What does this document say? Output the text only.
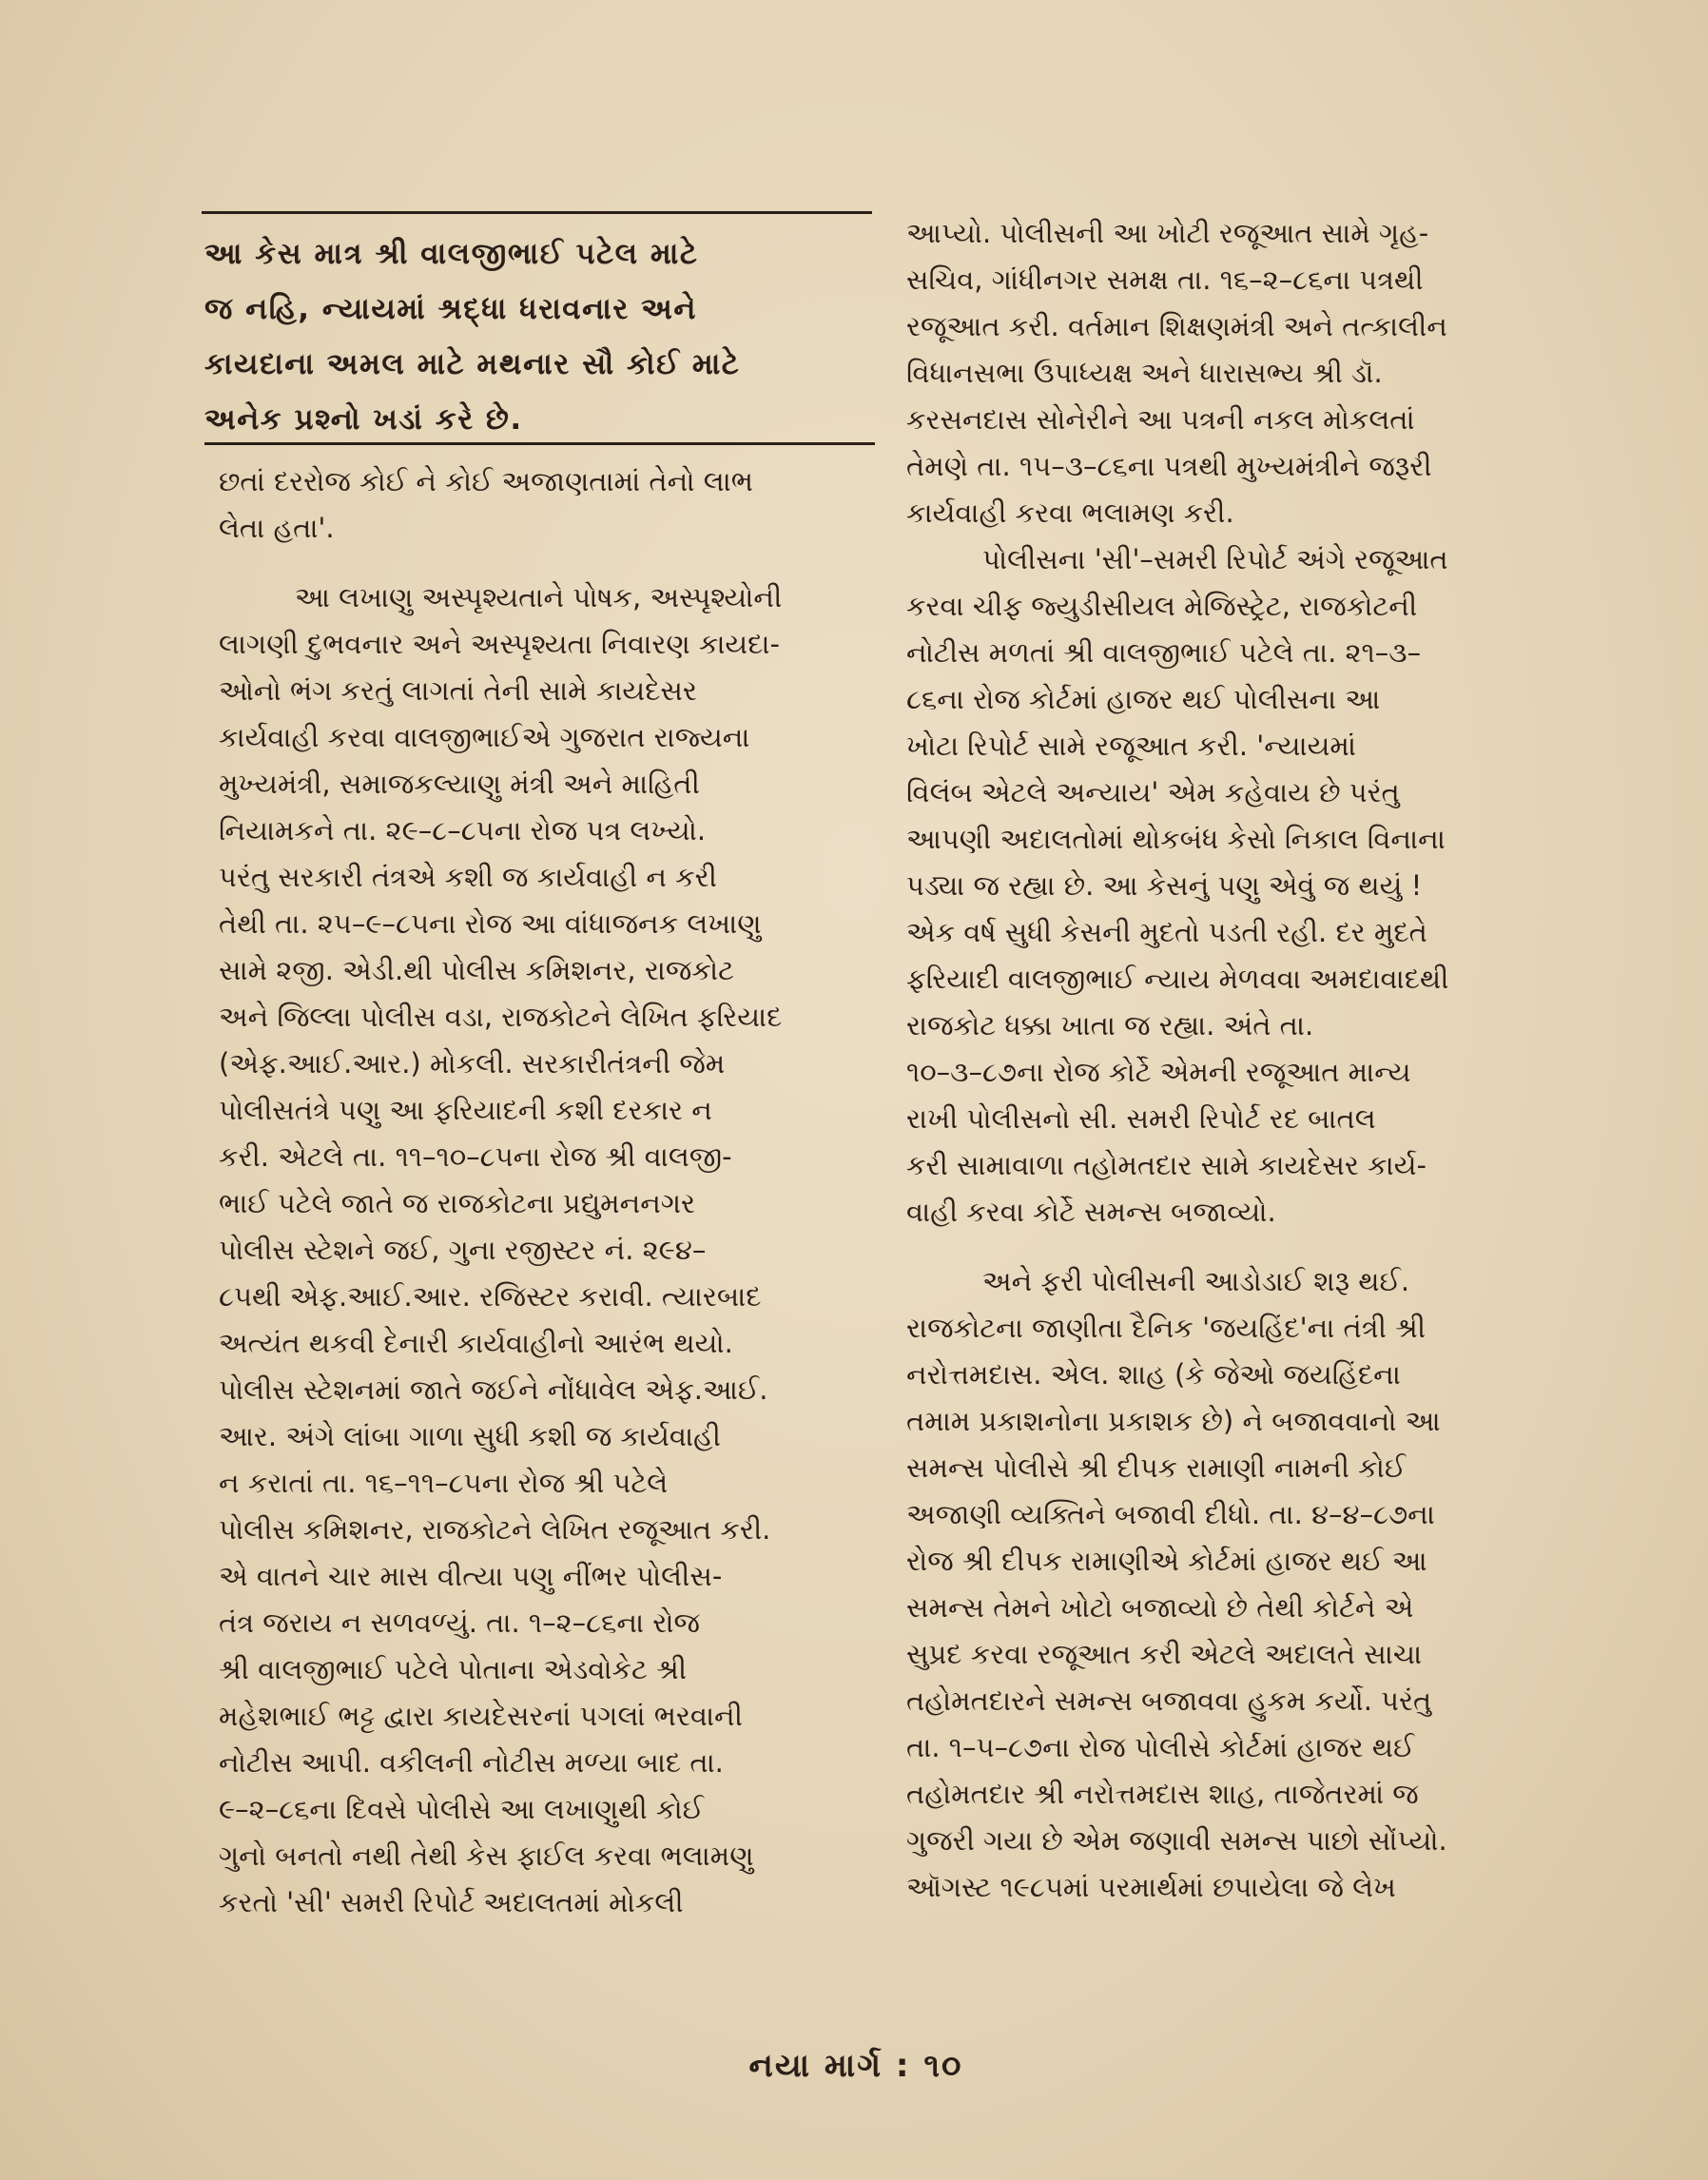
આ કેસ માત્ર શ્રી વાલજીભાઈ પટેલ માટે
જ નહિ, ન્યાયમાં શ્રદ્ધા ધરાવનાર અને
કાયદાના અમલ માટે મથનાર સૌ કોઈ માટે
અનેક પ્રશ્નો ખડાં કરે છે.
છતાં દરરોજ કોઈ ને કોઈ અજાણતામાં તેનો લાભ
લેતા હતા'.
આ લખાણુ અસ્પૃશ્યતાને પોષક, અસ્પૃશ્યોની
લાગણી દુભવનાર અને અસ્પૃશ્યતા નિવારણ કાયદા-
ઓનો ભંગ કરતું લાગતાં તેની સામે કાયદેસર
કાર્યવાહી કરવા વાલજીભાઈએ ગુજરાત રાજ્યના
મુખ્યમંત્રી, સમાજકલ્યાણુ મંત્રી અને માહિતી
નિયામકને તા. ૨૯–૮–૮૫ના રોજ પત્ર લખ્યો.
પરંતુ સરકારી તંત્રએ કશી જ કાર્યવાહી ન કરી
તેથી તા. ૨૫–૯–૮૫ના રોજ આ વાંધાજનક લખાણુ
સામે ૨જી. એડી.થી પોલીસ કમિશનર, રાજકોટ
અને જિલ્લા પોલીસ વડા, રાજકોટને લેખિત ફરિયાદ
(એફ.આઈ.આર.) મોકલી. સરકારીતંત્રની જેમ
પોલીસતંત્રે પણુ આ ફરિયાદની કશી દરકાર ન
કરી. એટલે તા. ૧૧–૧૦–૮૫ના રોજ શ્રી વાલજી-
ભાઈ પટેલે જાતે જ રાજકોટના પ્રદ્યુમનનગર
પોલીસ સ્ટેશને જઈ, ગુના રજીસ્ટર નં. ૨૯૪–
૮૫થી એફ.આઈ.આર. રજિસ્ટર કરાવી. ત્યારબાદ
અત્યંત થકવી દેનારી કાર્યવાહીનો આરંભ થયો.
પોલીસ સ્ટેશનમાં જાતે જઈને નોંધાવેલ એફ.આઈ.
આર. અંગે લાંબા ગાળા સુધી કશી જ કાર્યવાહી
ન કરાતાં તા. ૧૬–૧૧–૮૫ના રોજ શ્રી પટેલે
પોલીસ કમિશનર, રાજકોટને લેખિત રજૂઆત કરી.
એ વાતને ચાર માસ વીત્યા પણુ નીંભર પોલીસ-
તંત્ર જરાય ન સળવળ્યું. તા. ૧–૨–૮૬ના રોજ
શ્રી વાલજીભાઈ પટેલે પોતાના એડવોકેટ શ્રી
મહેશભાઈ ભટ્ટ દ્વારા કાયદેસરનાં પગલાં ભરવાની
નોટીસ આપી. વકીલની નોટીસ મળ્યા બાદ તા.
૯–૨–૮૬ના દિવસે પોલીસે આ લખાણુથી કોઈ
ગુનો બનતો નથી તેથી કેસ ફાઈલ કરવા ભલામણુ
કરતો 'સી' સમરી રિપોર્ટ અદાલતમાં મોકલી
આપ્યો. પોલીસની આ ખોટી રજૂઆત સામે ગૃહ-
સચિવ, ગાંધીનગર સમક્ષ તા. ૧૬–૨–૮૬ના પત્રથી
રજૂઆત કરી. વર્તમાન શિક્ષણમંત્રી અને તત્કાલીન
વિધાનસભા ઉપાધ્યક્ષ અને ધારાસભ્ય શ્રી ડૉ.
કરસનદાસ સોનેરીને આ પત્રની નકલ મોકલતાં
તેમણે તા. ૧૫–૩–૮૬ના પત્રથી મુખ્યમંત્રીને જરૂરી
કાર્યવાહી કરવા ભલામણ કરી.
પોલીસના 'સી'–સમરી રિપોર્ટ અંગે રજૂઆત
કરવા ચીફ જ્યુડીસીયલ મેજિસ્ટ્રેટ, રાજકોટની
નોટીસ મળતાં શ્રી વાલજીભાઈ પટેલે તા. ૨૧–૩–
૮૬ના રોજ કોર્ટમાં હાજર થઈ પોલીસના આ
ખોટા રિપોર્ટ સામે રજૂઆત કરી. 'ન્યાયમાં
વિલંબ એટલે અન્યાય' એમ કહેવાય છે પરંતુ
આપણી અદાલતોમાં થોકબંધ કેસો નિકાલ વિનાના
પડ્યા જ રહ્યા છે. આ કેસનું પણુ એવું જ થયું !
એક વર્ષ સુધી કેસની મુદતો પડતી રહી. દર મુદતે
ફરિયાદી વાલજીભાઈ ન્યાય મેળવવા અમદાવાદથી
રાજકોટ ધક્કા ખાતા જ રહ્યા. અંતે તા.
૧૦–૩–૮૭ના રોજ કોર્ટે એમની રજૂઆત માન્ય
રાખી પોલીસનો સી. સમરી રિપોર્ટ રદ બાતલ
કરી સામાવાળા તહોમતદાર સામે કાયદેસર કાર્ય-
વાહી કરવા કોર્ટે સમન્સ બજાવ્યો.
અને ફરી પોલીસની આડોડાઈ શરૂ થઈ.
રાજકોટના જાણીતા દૈનિક 'જયહિંદ'ના તંત્રી શ્રી
નરોત્તમદાસ. એલ. શાહ (કે જેઓ જયહિંદના
તમામ પ્રકાશનોના પ્રકાશક છે) ને બજાવવાનો આ
સમન્સ પોલીસે શ્રી દીપક રામાણી નામની કોઈ
અજાણી વ્યક્તિને બજાવી દીધો. તા. ૪–૪–૮૭ના
રોજ શ્રી દીપક રામાણીએ કોર્ટમાં હાજર થઈ આ
સમન્સ તેમને ખોટો બજાવ્યો છે તેથી કોર્ટને એ
સુપ્રદ કરવા રજૂઆત કરી એટલે અદાલતે સાચા
તહોમતદારને સમન્સ બજાવવા હુકમ કર્યો. પરંતુ
તા. ૧–૫–૮૭ના રોજ પોલીસે કોર્ટમાં હાજર થઈ
તહોમતદાર શ્રી નરોત્તમદાસ શાહ, તાજેતરમાં જ
ગુજરી ગયા છે એમ જણાવી સમન્સ પાછો સોંપ્યો.
ઑગસ્ટ ૧૯૮૫માં પરમાર્થમાં છપાયેલા જે લેખ
નયા માર્ગ : ૧૦
